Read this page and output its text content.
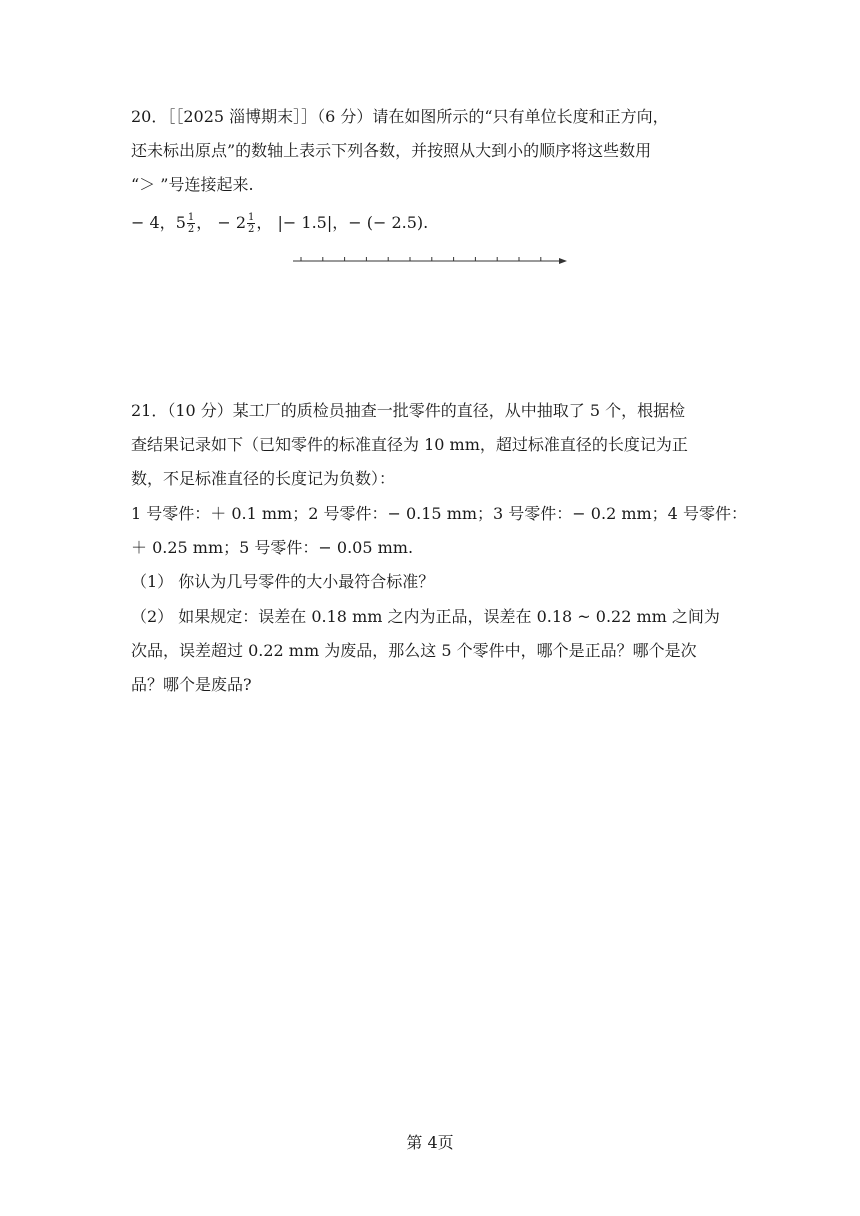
20．［［2025 淄博期末］］（6 分）请在如图所示的“只有单位长度和正方向，
还未标出原点”的数轴上表示下列各数，并按照从大到小的顺序将这些数用
“＞ ”号连接起来.
− 4，$5 \frac{1}{2}$ ， − $2 \frac{1}{2}$ ， |− 1.5|，− (− 2.5).
21．（10 分）某工厂的质检员抽查一批零件的直径，从中抽取了 5 个，根据检
查结果记录如下（已知零件的标准直径为 10 mm，超过标准直径的长度记为正
数，不足标准直径的长度记为负数）：
1 号零件：＋ 0.1 mm；2 号零件：− 0.15 mm；3 号零件：− 0.2 mm；4 号零件：
＋ 0.25 mm；5 号零件：− 0.05 mm.
（1） 你认为几号零件的大小最符合标准？
（2） 如果规定：误差在 0.18 mm 之内为正品，误差在 0.18 ~ 0.22 mm 之间为
次品，误差超过 0.22 mm 为废品，那么这 5 个零件中，哪个是正品？哪个是次
品？哪个是废品?
第 4页
